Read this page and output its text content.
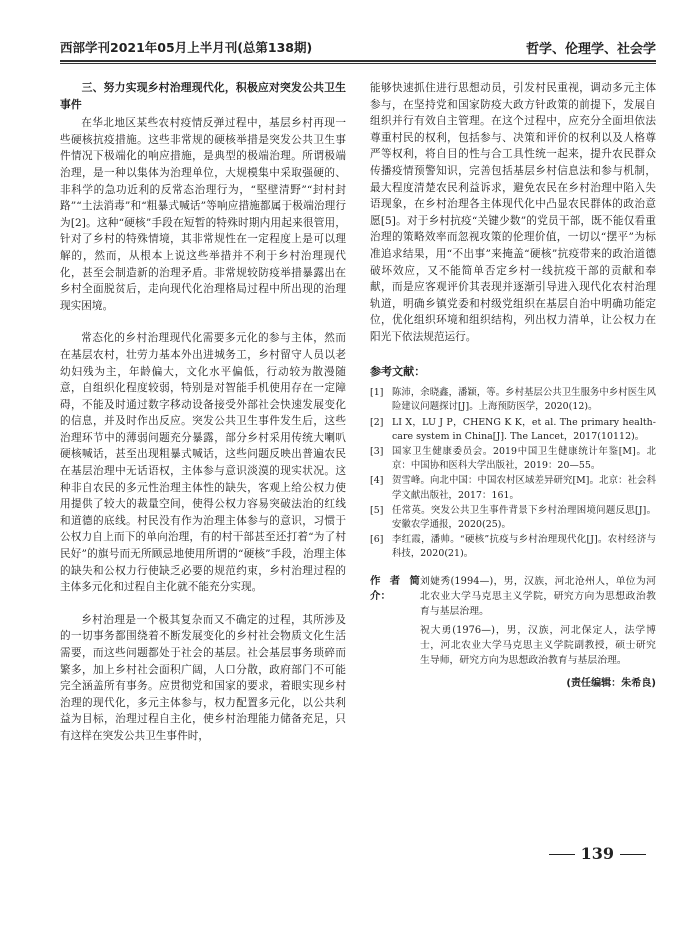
西部学刊2021年05月上半月刊(总第138期)	哲学、伦理学、社会学
三、努力实现乡村治理现代化，积极应对突发公共卫生事件

在华北地区某些农村疫情反弹过程中，基层乡村再现一些硬核抗疫措施。这些非常规的硬核举措是突发公共卫生事件情况下极端化的响应措施，是典型的极端治理。所谓极端治理，是一种以集体为治理单位，大规模集中采取强硬的、非科学的急功近利的反常态治理行为，“堅壁清野”“封村封路”“土法消毒”和“粗暴式喊话”等响应措施都属于极端治理行为[2]。这种“硬核”手段在短暂的特殊时期内用起来很管用，针对了乡村的特殊情境，其非常规性在一定程度上是可以理解的，然而，从根本上说这些举措并不利于乡村治理现代化，甚至会制造新的治理矛盾。非常规较防疫举措暴露出在乡村全面脱贫后，走向现代化治理格局过程中所出现的治理现实困境。

常态化的乡村治理现代化需要多元化的参与主体，然而在基层农村，壮劳力基本外出进城务工，乡村留守人员以老幼妇残为主，年龄偏大，文化水平偏低，行动较为散漫随意，自组织化程度较弱，特别是对智能手机使用存在一定障碍，不能及时通过数字移动设备接受外部社会快速发展变化的信息，并及时作出反应。突发公共卫生事件发生后，这些治理环节中的薄弱问题充分暴露，部分乡村采用传统大喇叭硬核喊话，甚至出现粗暴式喊话，这些问题反映出普遍农民在基层治理中无话语权，主体参与意识淡漠的现实状况。这种非自农民的多元性治理主体性的缺失，客观上给公权力使用提供了较大的裁量空间，使得公权力容易突破法治的红线和道德的底线。村民没有作为治理主体参与的意识，习惯于公权力自上而下的单向治理，有的村干部甚至还打着“为了村民好”的旗号而无所顾忌地使用所谓的“硬核”手段，治理主体的缺失和公权力行使缺乏必要的规范约束，乡村治理过程的主体多元化和过程自主化就不能充分实现。

乡村治理是一个极其复杂而又不确定的过程，其所涉及的一切事务都围绕着不断发展变化的乡村社会物质文化生活需要，而这些问题都处于社会的基层。社会基层事务琐碎而繁多，加上乡村社会面积广阔，人口分散，政府部门不可能完全涵盖所有事务。应贯彻党和国家的要求，着眼实现乡村治理的现代化，多元主体参与，权力配置多元化，以公共利益为目标，治理过程自主化，使乡村治理能力储备充足，只有这样在突发公共卫生事件时，

能够快速抓住进行思想动员，引发村民重视，调动多元主体参与，在坚持党和国家防疫大政方针政策的前提下，发展自组织并行有效自主管理。在这个过程中，应充分全面坦依法尊重村民的权利，包括参与、决策和评价的权利以及人格尊严等权利，将自目的性与合工具性统一起来，提升农民群众传播疫情预警知识，完善包括基层乡村信息法和参与机制，最大程度清楚农民利益诉求，避免农民在乡村治理中陷入失语现象，在乡村治理各主体现代化中凸显农民群体的政治意愿[5]。对于乡村抗疫“关键少数”的党员干部，既不能仅看重治理的策略效率而忽视攻策的伦理价值，一切以“摆平”为标准追求结果，用“不出事”来掩盖“硬核”抗疫带来的政治道德破坏效应，又不能简单否定乡村一线抗疫干部的贡献和奉献，而是应客观评价其表现并逐渐引导进入现代化农村治理轨道，明确乡镇党委和村级党组织在基层自治中明确功能定位，优化组织环境和组织结构，列出权力清单，让公权力在阳光下依法规范运行。

参考文献：
[1] 陈沛，余晓鑫，潘颖，等。乡村基层公共卫生服务中乡村医生风险建议问题探讨[J]。上海预防医学，2020(12)。
[2] LI X，LU J P，CHENG K K，et al. The primary health-care system in China[J]. The Lancet，2017(10112)。
[3] 国家卫生健康委员会。2019中国卫生健康统计年鉴[M]。北京：中国协和医科大学出版社，2019：20—55。
[4] 贺雪峰。向北中国：中国农村区域差异研究[M]。北京：社会科学文献出版社，2017：161。
[5] 任常英。突发公共卫生事件背景下乡村治理困境问题反思[J]。安徽农学通报，2020(25)。
[6] 李红霞，潘帅。“硬核”抗疫与乡村治理现代化[J]。农村经济与科技，2020(21)。
作者简介：
刘婕秀(1994—)，男，汉族，河北沧州人，单位为河北农业大学马克思主义学院，研究方向为思想政治教育与基层治理。
祝大勇(1976—)，男，汉族，河北保定人，法学博士，河北农业大学马克思主义学院副教授，硕士研究生导师，研究方向为思想政治教育与基层治理。
(责任编辑：朱希良)
139
